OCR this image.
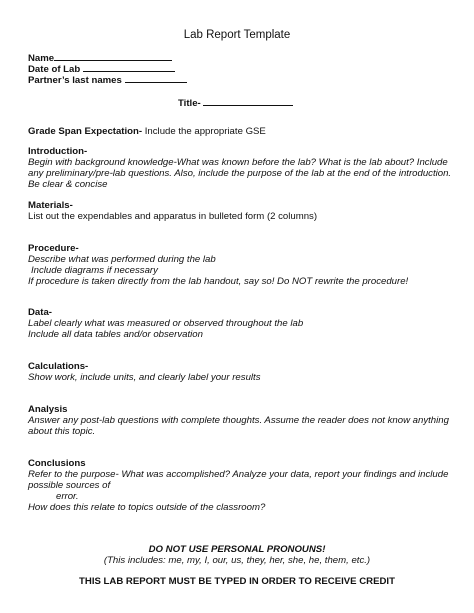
Lab Report Template
Name
Date of Lab
Partner’s last names
Title-
Grade Span Expectation- Include the appropriate GSE
Introduction-
Begin with background knowledge-What was known before the lab? What is the lab about? Include
any preliminary/pre-lab questions. Also, include the purpose of the lab at the end of the introduction.
Be clear & concise
Materials-
List out the expendables and apparatus in bulleted form (2 columns)
Procedure-
Describe what was performed during the lab
Include diagrams if necessary
If procedure is taken directly from the lab handout, say so! Do NOT rewrite the procedure!
Data-
Label clearly what was measured or observed throughout the lab
Include all data tables and/or observation
Calculations-
Show work, include units, and clearly label your results
Analysis
Answer any post-lab questions with complete thoughts. Assume the reader does not know anything
about this topic.
Conclusions
Refer to the purpose- What was accomplished? Analyze your data, report your findings and include
possible sources of
error.
How does this relate to topics outside of the classroom?
DO NOT USE PERSONAL PRONOUNS!
(This includes: me, my, I, our, us, they, her, she, he, them, etc.)
THIS LAB REPORT MUST BE TYPED IN ORDER TO RECEIVE CREDIT
